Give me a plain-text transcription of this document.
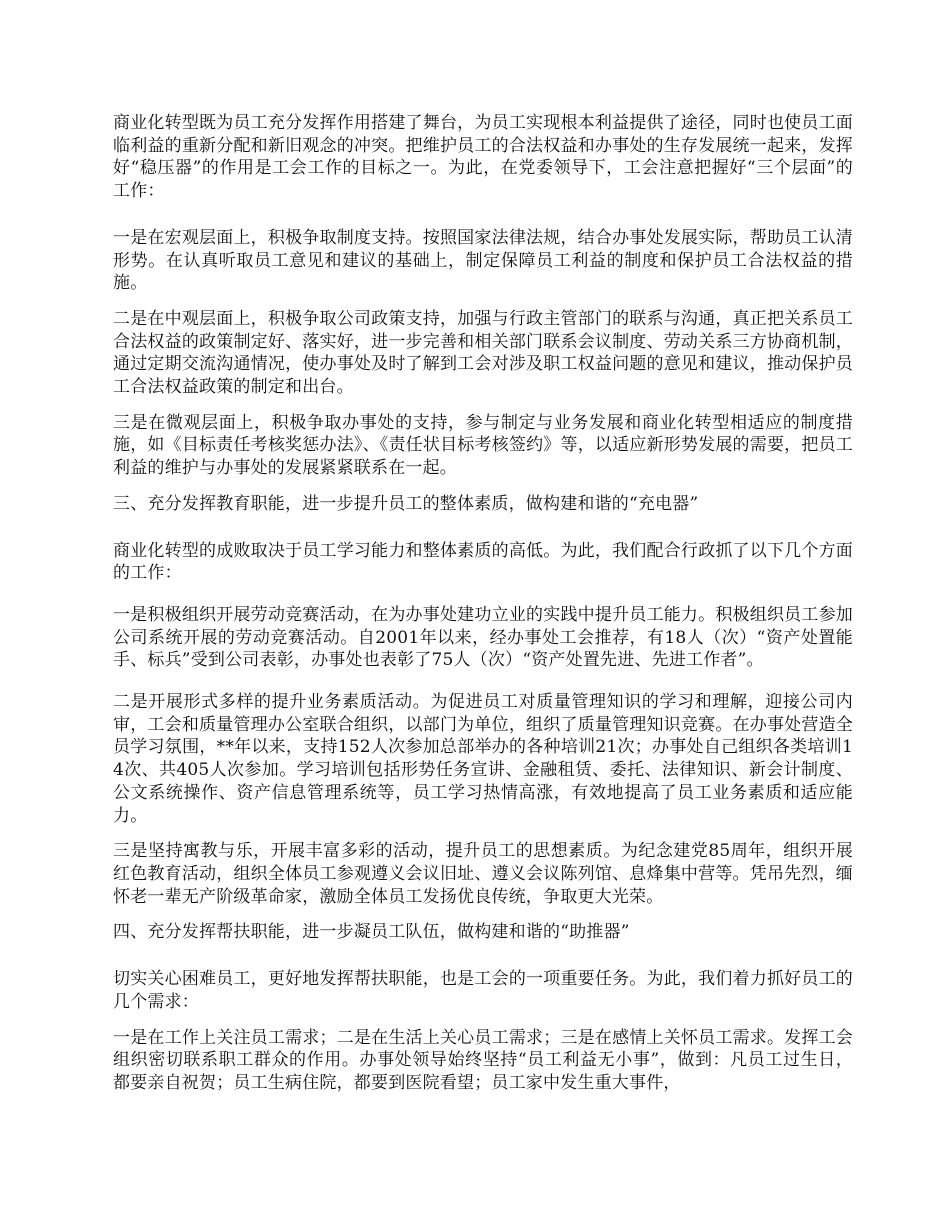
商业化转型既为员工充分发挥作用搭建了舞台，为员工实现根本利益提供了途径，同时也使员工面临利益的重新分配和新旧观念的冲突。把维护员工的合法权益和办事处的生存发展统一起来，发挥好“稳压器”的作用是工会工作的目标之一。为此，在党委领导下，工会注意把握好“三个层面”的工作：

一是在宏观层面上，积极争取制度支持。按照国家法律法规，结合办事处发展实际，帮助员工认清形势。在认真听取员工意见和建议的基础上，制定保障员工利益的制度和保护员工合法权益的措施。

二是在中观层面上，积极争取公司政策支持，加强与行政主管部门的联系与沟通，真正把关系员工合法权益的政策制定好、落实好，进一步完善和相关部门联系会议制度、劳动关系三方协商机制，通过定期交流沟通情况，使办事处及时了解到工会对涉及职工权益问题的意见和建议，推动保护员工合法权益政策的制定和出台。

三是在微观层面上，积极争取办事处的支持，参与制定与业务发展和商业化转型相适应的制度措施，如《目标责任考核奖惩办法》、《责任状目标考核签约》等，以适应新形势发展的需要，把员工利益的维护与办事处的发展紧紧联系在一起。

三、充分发挥教育职能，进一步提升员工的整体素质，做构建和谐的“充电器”

商业化转型的成败取决于员工学习能力和整体素质的高低。为此，我们配合行政抓了以下几个方面的工作：

一是积极组织开展劳动竞赛活动，在为办事处建功立业的实践中提升员工能力。积极组织员工参加公司系统开展的劳动竞赛活动。自2001年以来，经办事处工会推荐，有18人（次）“资产处置能手、标兵”受到公司表彰，办事处也表彰了75人（次）“资产处置先进、先进工作者”。

二是开展形式多样的提升业务素质活动。为促进员工对质量管理知识的学习和理解，迎接公司内审，工会和质量管理办公室联合组织，以部门为单位，组织了质量管理知识竞赛。在办事处营造全员学习氛围，**年以来，支持152人次参加总部举办的各种培训21次；办事处自己组织各类培训14次、共405人次参加。学习培训包括形势任务宣讲、金融租赁、委托、法律知识、新会计制度、公文系统操作、资产信息管理系统等，员工学习热情高涨，有效地提高了员工业务素质和适应能力。

三是坚持寓教与乐，开展丰富多彩的活动，提升员工的思想素质。为纪念建党85周年，组织开展红色教育活动，组织全体员工参观遵义会议旧址、遵义会议陈列馆、息烽集中营等。凭吊先烈，缅怀老一辈无产阶级革命家，激励全体员工发扬优良传统，争取更大光荣。

四、充分发挥帮扶职能，进一步凝员工队伍，做构建和谐的“助推器”

切实关心困难员工，更好地发挥帮扶职能，也是工会的一项重要任务。为此，我们着力抓好员工的几个需求：

一是在工作上关注员工需求；二是在生活上关心员工需求；三是在感情上关怀员工需求。发挥工会组织密切联系职工群众的作用。办事处领导始终坚持“员工利益无小事”，做到：凡员工过生日，都要亲自祝贺；员工生病住院，都要到医院看望；员工家中发生重大事件，
